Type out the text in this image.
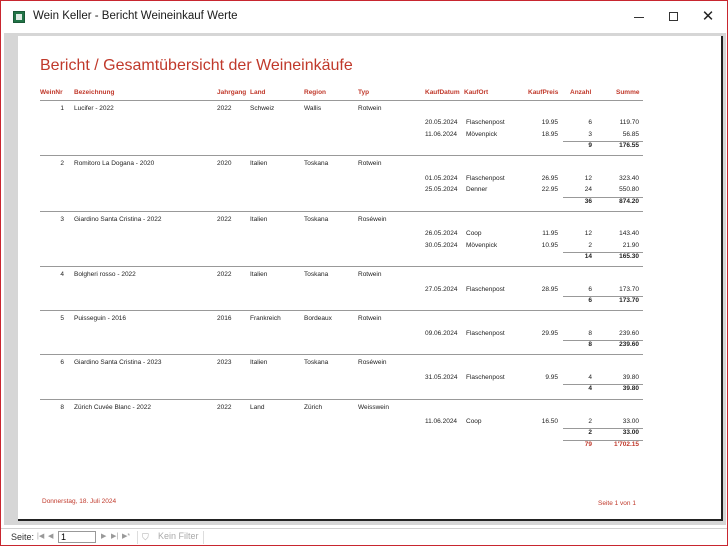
Wein Keller - Bericht Weineinkauf Werte	✕
Bericht / Gesamtübersicht der Weineinkäufe
WeinNr Bezeichnung	Jahrgang Land	Region	Typ	KaufDatum KaufOrt	KaufPreis Anzahl	Summe
1 Lucifer - 2022	2022	Schweiz	Wallis	Rotwein
20.05.2024 Flaschenpost	19.95	6	119.70
11.06.2024 Mövenpick	18.95	3	56.85
9	176.55
2 Romitoro La Dogana - 2020	2020	Italien	Toskana	Rotwein
01.05.2024 Flaschenpost	26.95	12	323.40
25.05.2024 Denner	22.95	24	550.80
36	874.20
3 Giardino Santa Cristina - 2022	2022	Italien	Toskana	Roséwein
26.05.2024 Coop	11.95	12	143.40
30.05.2024 Mövenpick	10.95	2	21.90
14	165.30
4 Bolgheri rosso - 2022	2022	Italien	Toskana	Rotwein
27.05.2024 Flaschenpost	28.95	6	173.70
6	173.70
5 Puisseguin - 2016	2016	Frankreich	Bordeaux	Rotwein
09.06.2024 Flaschenpost	29.95	8	239.60
8	239.60
6 Giardino Santa Cristina - 2023	2023	Italien	Toskana	Roséwein
31.05.2024 Flaschenpost	9.95	4	39.80
4	39.80
8 Zürich Cuvée Blanc - 2022	2022	Land	Zürich	Weisswein
11.06.2024 Coop	16.50	2	33.00
2	33.00
79	1'702.15
Donnerstag, 18. Juli 2024	Seite 1 von 1
Seite: |◀ ◀ 1	▶ ▶| ▶* ⛉ Kein Filter
